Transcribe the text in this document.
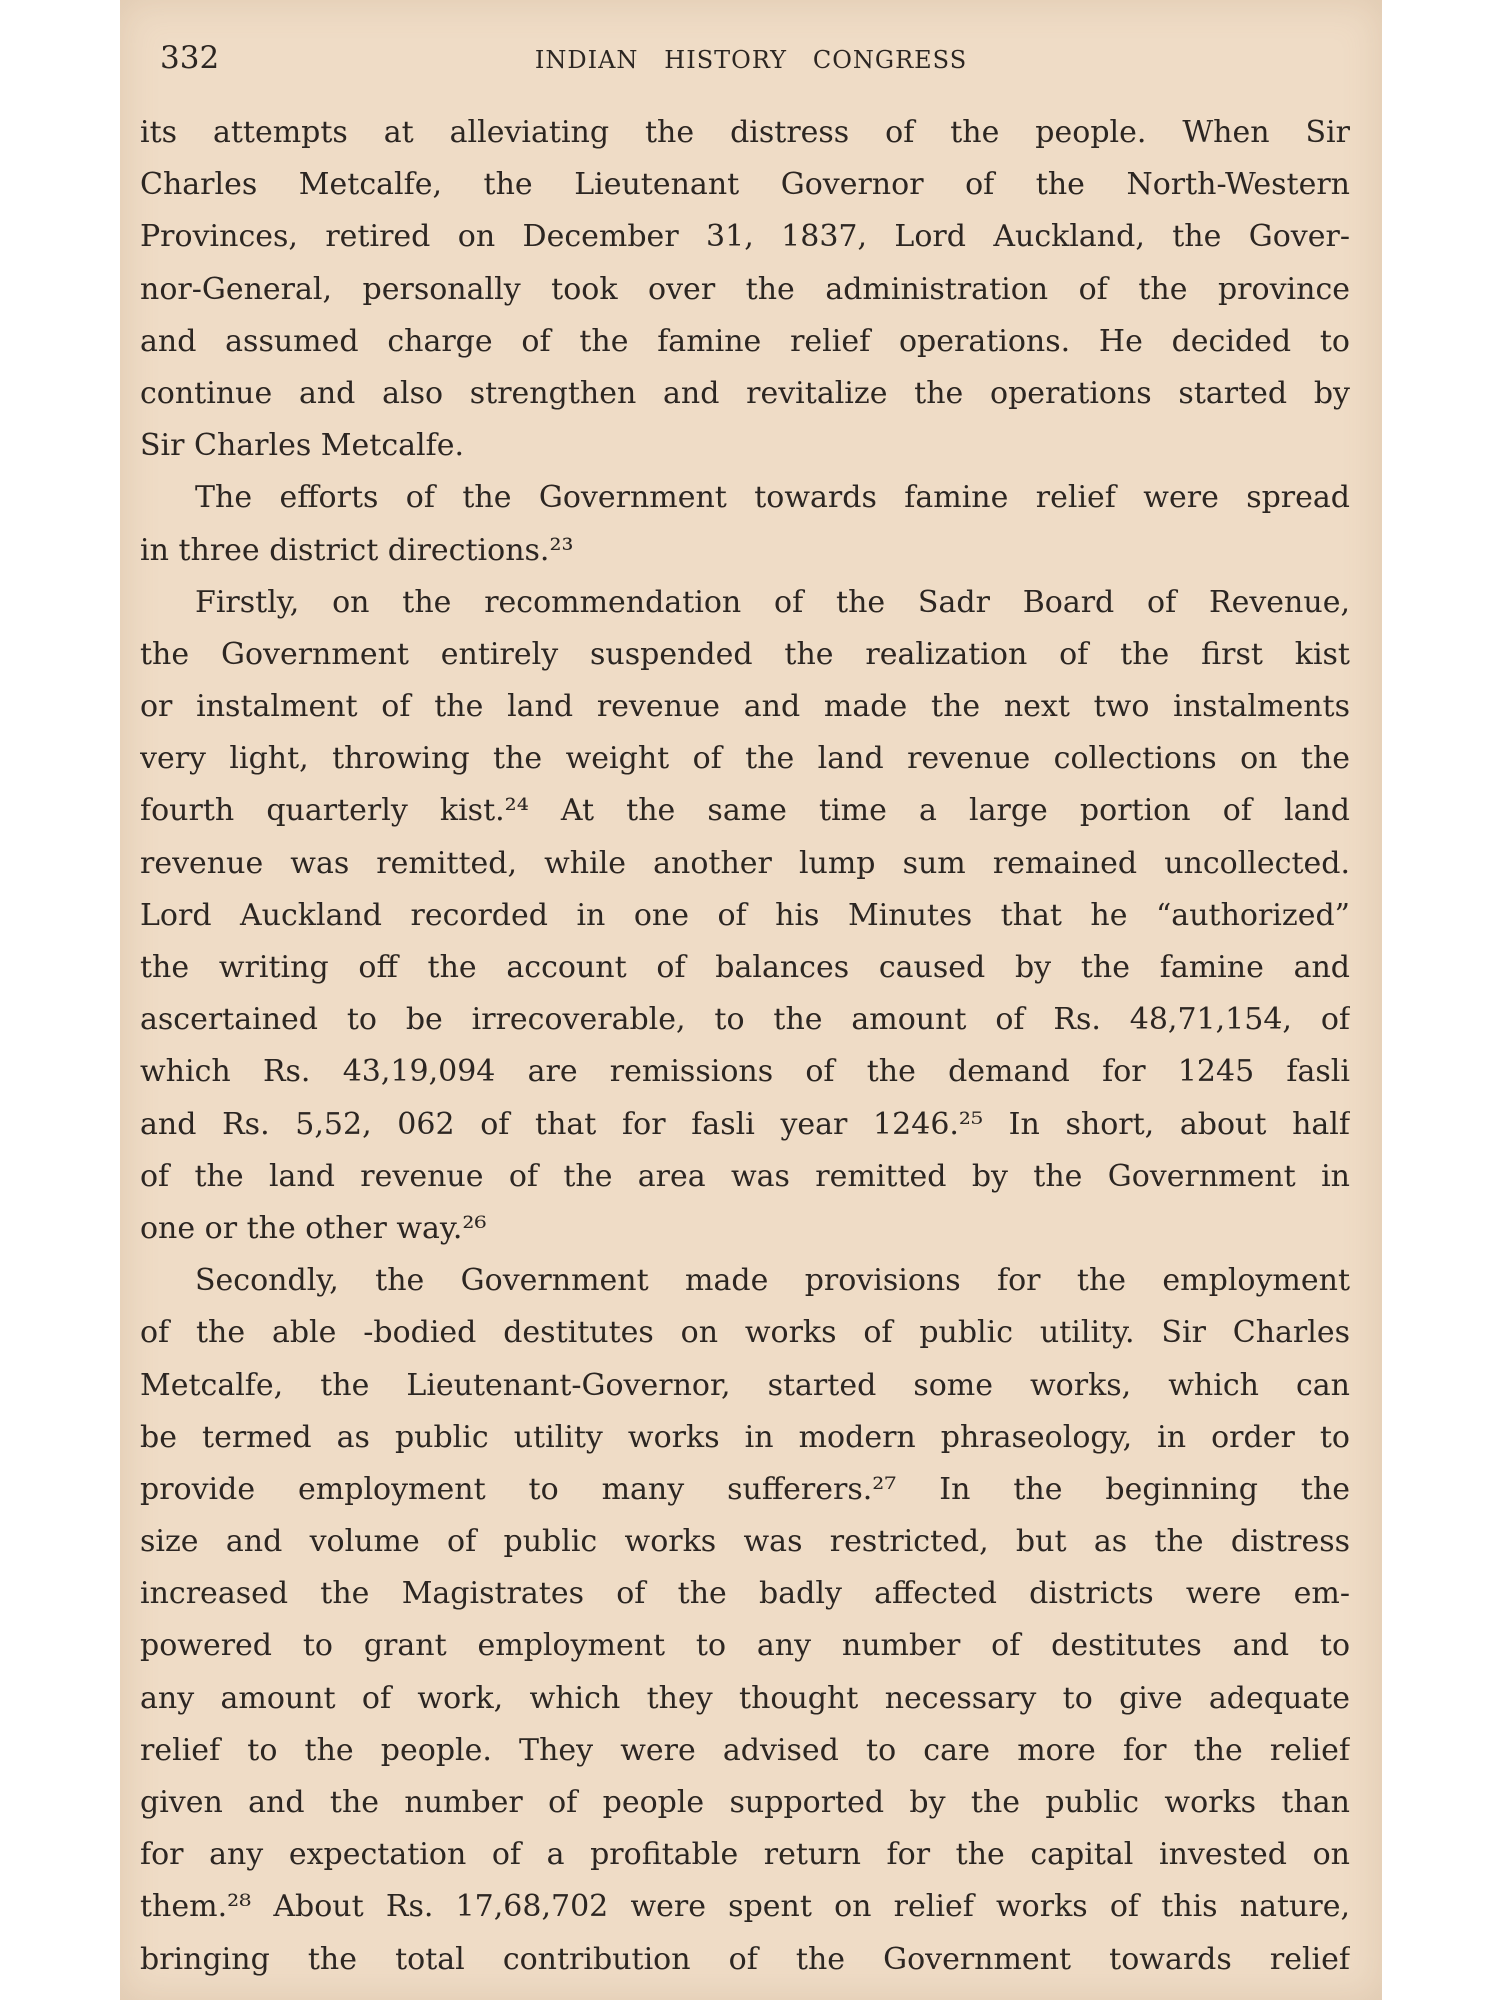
332	INDIAN   HISTORY   CONGRESS
its attempts at alleviating the distress of the people. When Sir
Charles Metcalfe, the Lieutenant Governor of the North-Western
Provinces, retired on December 31, 1837, Lord Auckland, the Gover-
nor-General, personally took over the administration of the province
and assumed charge of the famine relief operations. He decided to
continue and also strengthen and revitalize the operations started by
Sir Charles Metcalfe.
The efforts of the Government towards famine relief were spread
in three district directions.²³
Firstly, on the recommendation of the Sadr Board of Revenue,
the Government entirely suspended the realization of the first kist
or instalment of the land revenue and made the next two instalments
very light, throwing the weight of the land revenue collections on the
fourth quarterly kist.²⁴ At the same time a large portion of land
revenue was remitted, while another lump sum remained uncollected.
Lord Auckland recorded in one of his Minutes that he “authorized”
the writing off the account of balances caused by the famine and
ascertained to be irrecoverable, to the amount of Rs. 48,71,154, of
which Rs. 43,19,094 are remissions of the demand for 1245 fasli
and Rs. 5,52, 062 of that for fasli year 1246.²⁵ In short, about half
of the land revenue of the area was remitted by the Government in
one or the other way.²⁶
Secondly, the Government made provisions for the employment
of the able -bodied destitutes on works of public utility. Sir Charles
Metcalfe, the Lieutenant-Governor, started some works, which can
be termed as public utility works in modern phraseology, in order to
provide employment to many sufferers.²⁷ In the beginning the
size and volume of public works was restricted, but as the distress
increased the Magistrates of the badly affected districts were em-
powered to grant employment to any number of destitutes and to
any amount of work, which they thought necessary to give adequate
relief to the people. They were advised to care more for the relief
given and the number of people supported by the public works than
for any expectation of a profitable return for the capital invested on
them.²⁸ About Rs. 17,68,702 were spent on relief works of this nature,
bringing the total contribution of the Government towards relief
